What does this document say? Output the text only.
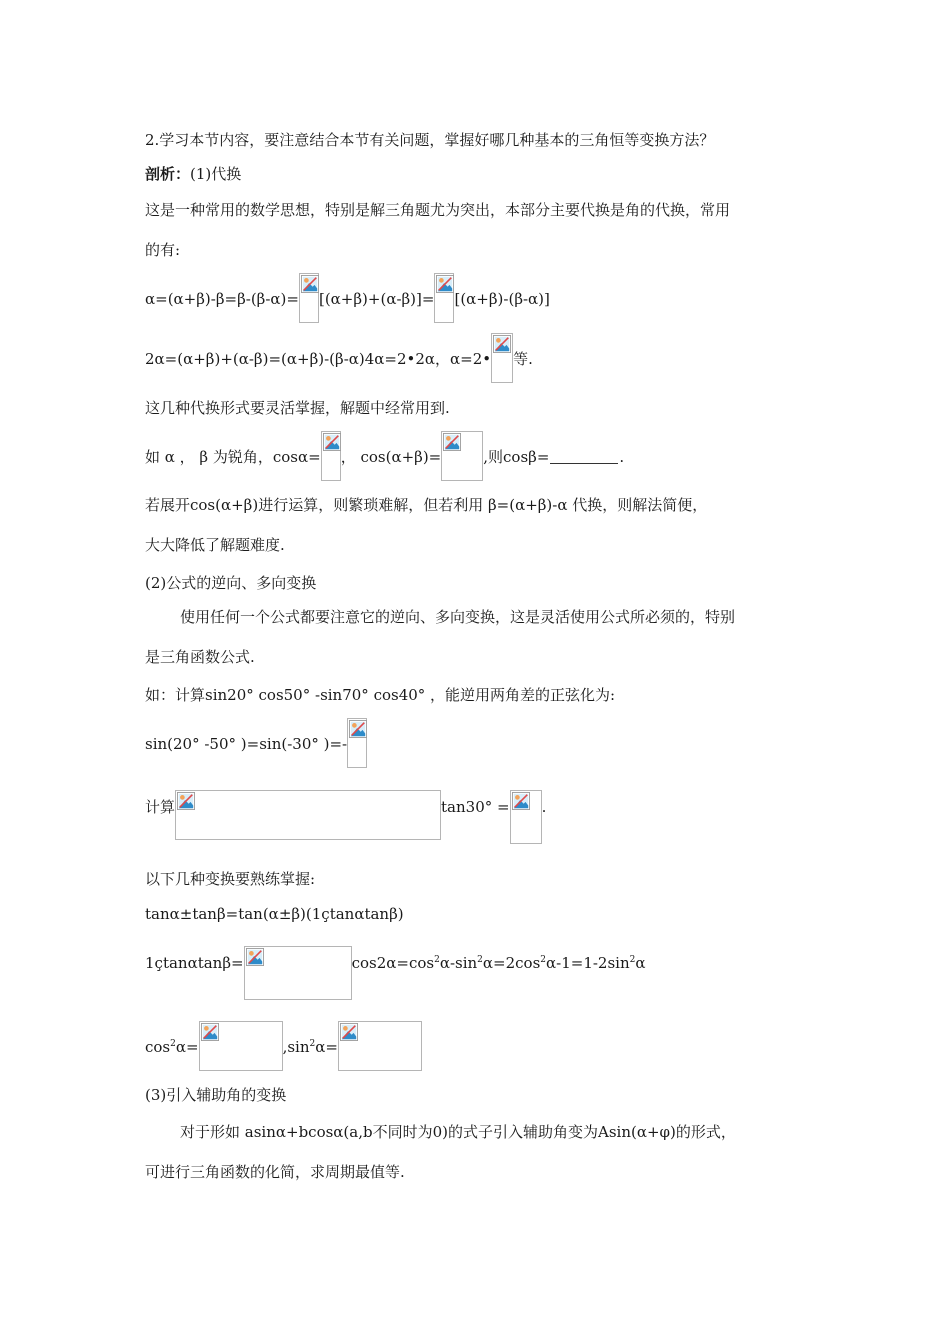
2.学习本节内容，要注意结合本节有关问题，掌握好哪几种基本的三角恒等变换方法？
剖析： (1)代换
这是一种常用的数学思想，特别是解三角题尤为突出，本部分主要代换是角的代换，常用
的有:
α=(α+β)-β=β-(β-α)= [(α+β)+(α-β)]= [(α+β)-(β-α)]
2α=(α+β)+(α-β)=(α+β)-(β-α)4α=2•2α，α=2• 等.
这几种代换形式要灵活掌握，解题中经常用到.
如 α ， β 为锐角，cosα= ， cos(α+β)=	,则cosβ=	.
若展开cos(α+β)进行运算，则繁琐难解，但若利用 β=(α+β)-α 代换，则解法简便，
大大降低了解题难度.
(2)公式的逆向、多向变换
使用任何一个公式都要注意它的逆向、多向变换，这是灵活使用公式所必须的，特别
是三角函数公式.
如：计算sin20° cos50° -sin70° cos40° ，能逆用两角差的正弦化为:
sin(20° -50° )=sin(-30° )=-
计算	tan30° = .
以下几种变换要熟练掌握:
tanα±tanβ=tan(α±β)(1çtanαtanβ)
1çtanαtanβ=	$\cos 2\alpha=\cos^2\alpha-\sin^2\alpha=2\cos^2\alpha-1=1-2\sin^2\alpha$
$\cos^2\alpha=$	$,\sin^2\alpha=$
(3)引入辅助角的变换
对于形如 asinα+bcosα(a,b不同时为0)的式子引入辅助角变为Asin(α+φ)的形式，
可进行三角函数的化简，求周期最值等.
